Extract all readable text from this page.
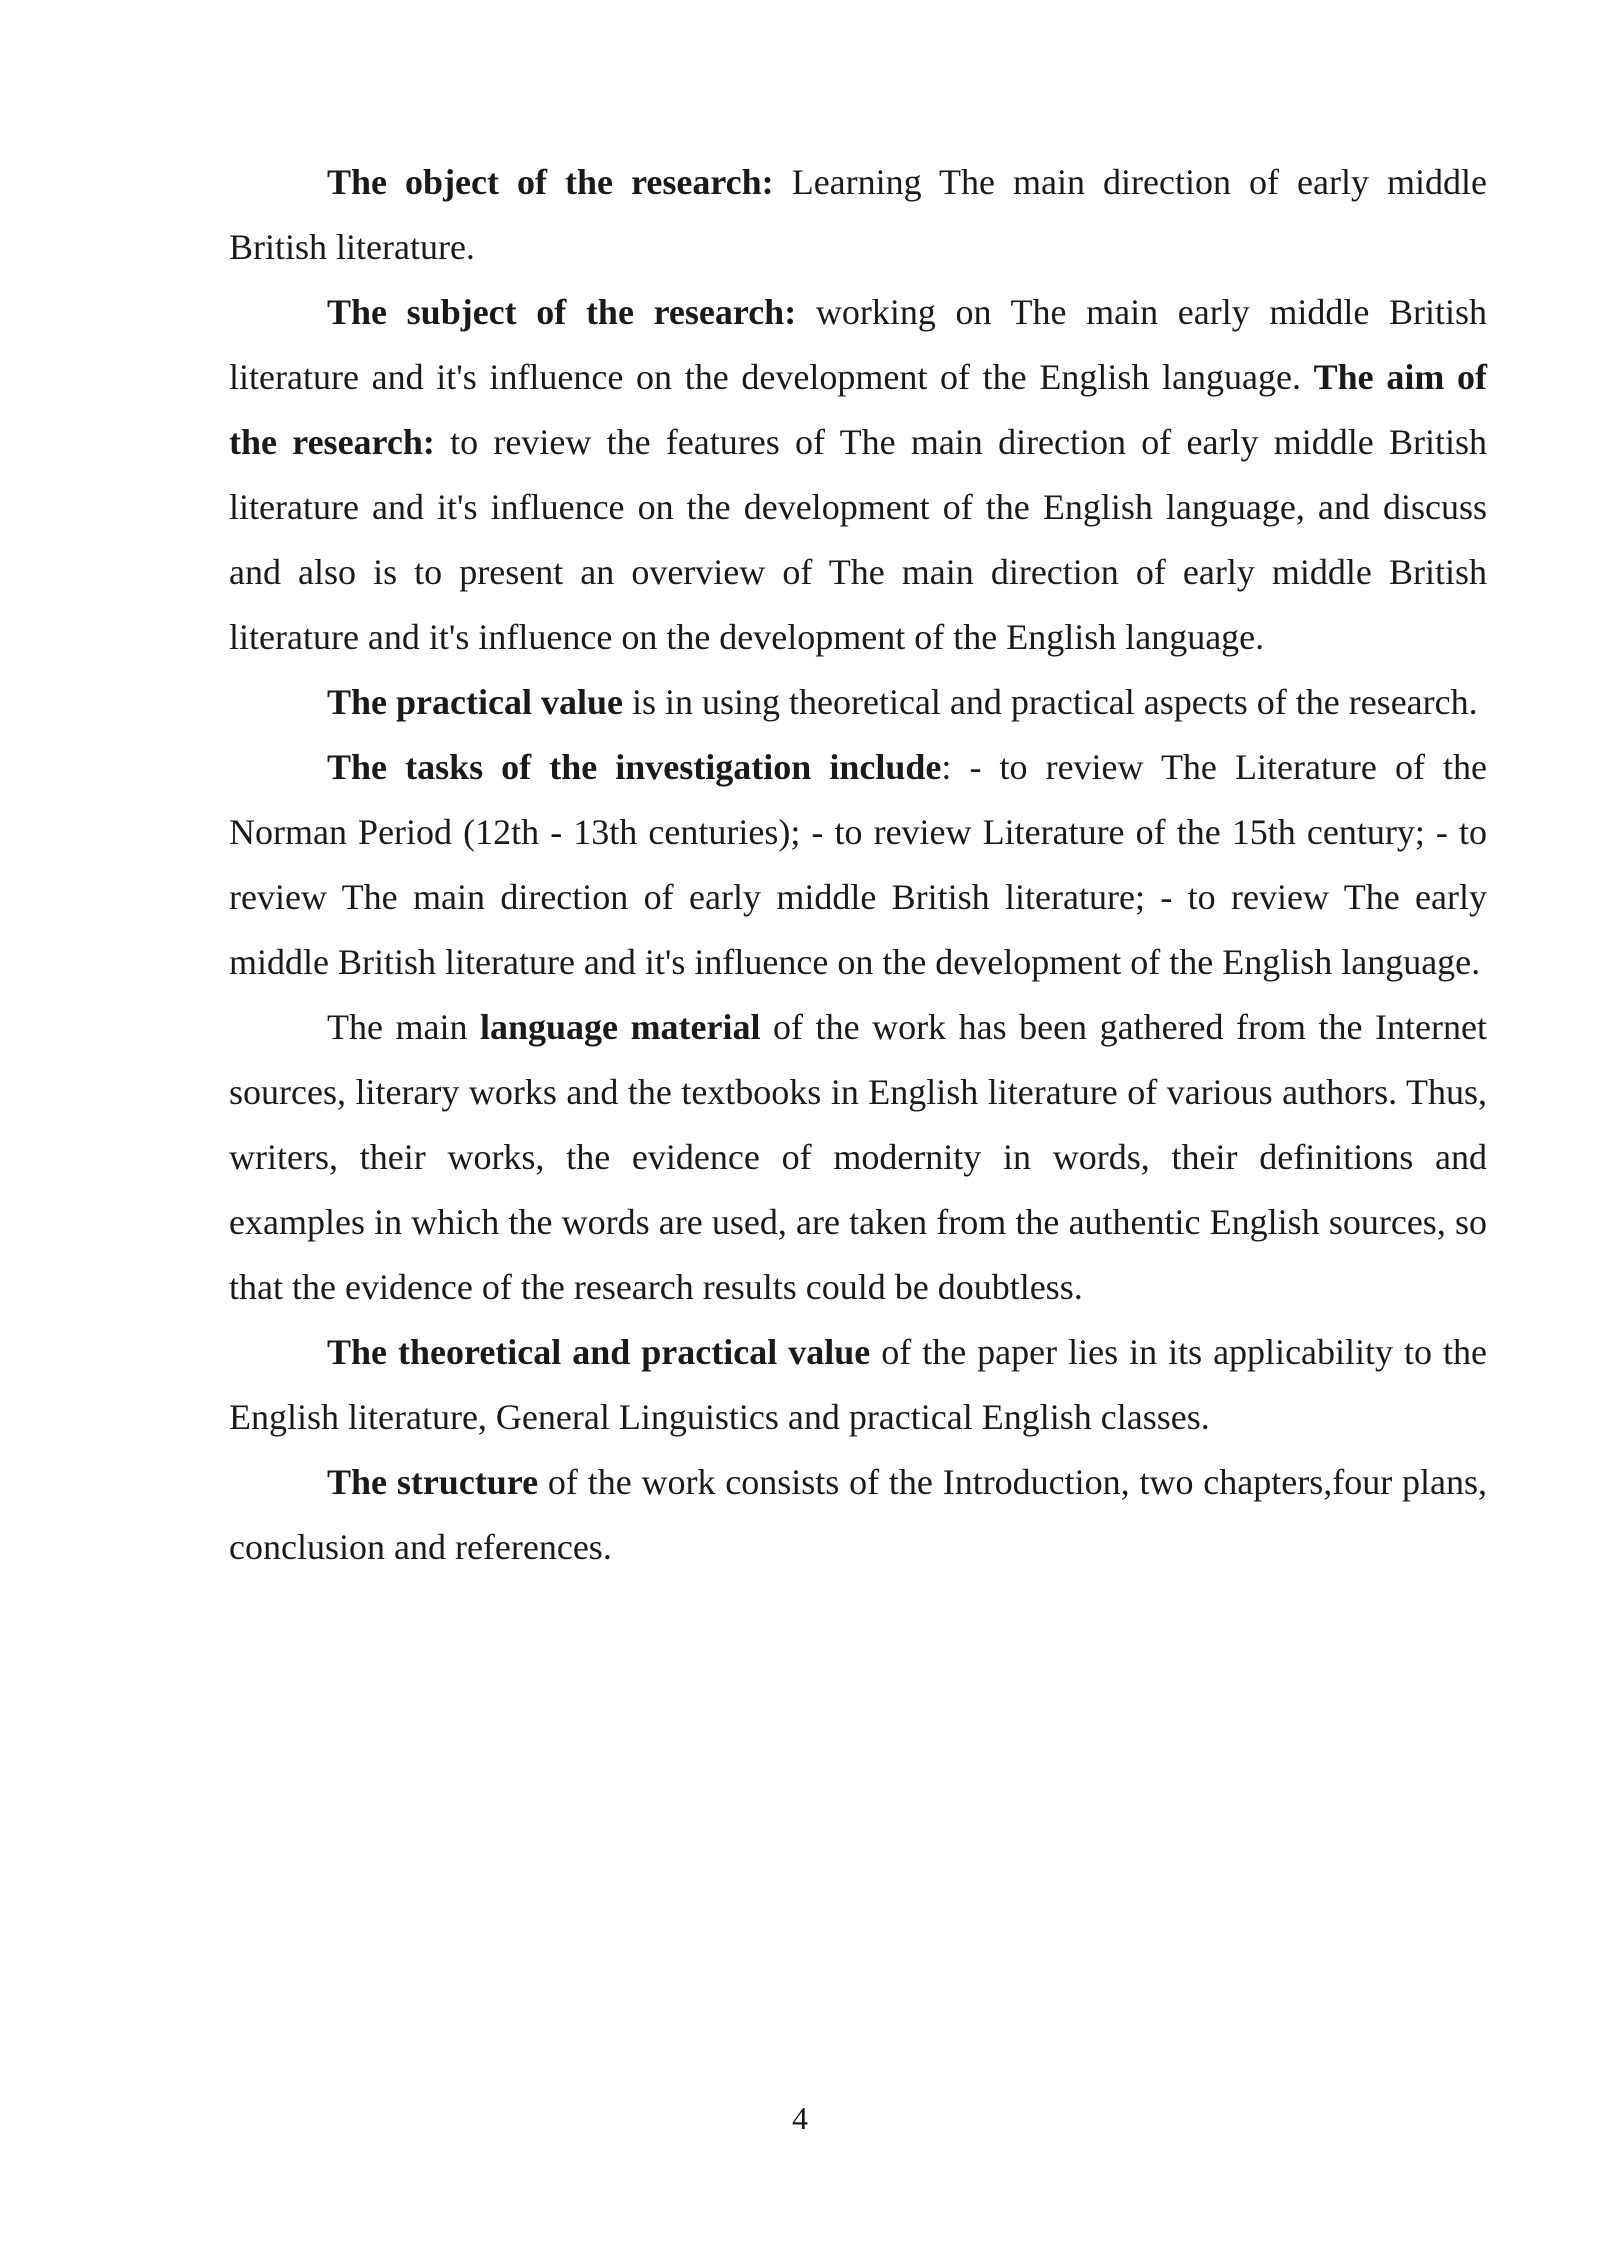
The object of the research: Learning The main direction of early middle British literature.

The subject of the research: working on The main early middle British literature and it's influence on the development of the English language. The aim of the research: to review the features of The main direction of early middle British literature and it's influence on the development of the English language, and discuss and also is to present an overview of The main direction of early middle British literature and it's influence on the development of the English language.

The practical value is in using theoretical and practical aspects of the research.

The tasks of the investigation include: - to review The Literature of the Norman Period (12th - 13th centuries); - to review Literature of the 15th century; - to review The main direction of early middle British literature; - to review The early middle British literature and it's influence on the development of the English language.

The main language material of the work has been gathered from the Internet sources, literary works and the textbooks in English literature of various authors. Thus, writers, their works, the evidence of modernity in words, their definitions and examples in which the words are used, are taken from the authentic English sources, so that the evidence of the research results could be doubtless.

The theoretical and practical value of the paper lies in its applicability to the English literature, General Linguistics and practical English classes.

The structure of the work consists of the Introduction, two chapters,four plans, conclusion and references.

4
